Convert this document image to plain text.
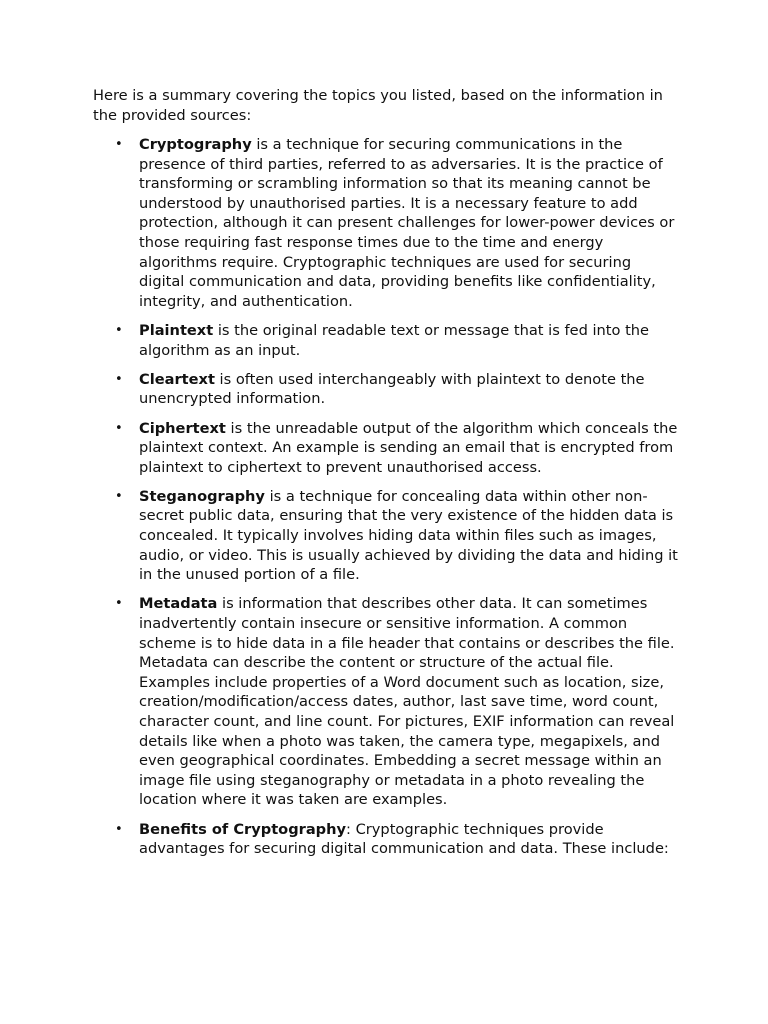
Here is a summary covering the topics you listed, based on the information in the provided sources:

• Cryptography is a technique for securing communications in the presence of third parties, referred to as adversaries. It is the practice of transforming or scrambling information so that its meaning cannot be understood by unauthorised parties. It is a necessary feature to add protection, although it can present challenges for lower-power devices or those requiring fast response times due to the time and energy algorithms require. Cryptographic techniques are used for securing digital communication and data, providing benefits like confidentiality, integrity, and authentication.
• Plaintext is the original readable text or message that is fed into the algorithm as an input.
• Cleartext is often used interchangeably with plaintext to denote the unencrypted information.
• Ciphertext is the unreadable output of the algorithm which conceals the plaintext context. An example is sending an email that is encrypted from plaintext to ciphertext to prevent unauthorised access.
• Steganography is a technique for concealing data within other non-secret public data, ensuring that the very existence of the hidden data is concealed. It typically involves hiding data within files such as images, audio, or video. This is usually achieved by dividing the data and hiding it in the unused portion of a file.
• Metadata is information that describes other data. It can sometimes inadvertently contain insecure or sensitive information. A common scheme is to hide data in a file header that contains or describes the file. Metadata can describe the content or structure of the actual file. Examples include properties of a Word document such as location, size, creation/modification/access dates, author, last save time, word count, character count, and line count. For pictures, EXIF information can reveal details like when a photo was taken, the camera type, megapixels, and even geographical coordinates. Embedding a secret message within an image file using steganography or metadata in a photo revealing the location where it was taken are examples.
• Benefits of Cryptography: Cryptographic techniques provide advantages for securing digital communication and data. These include:
